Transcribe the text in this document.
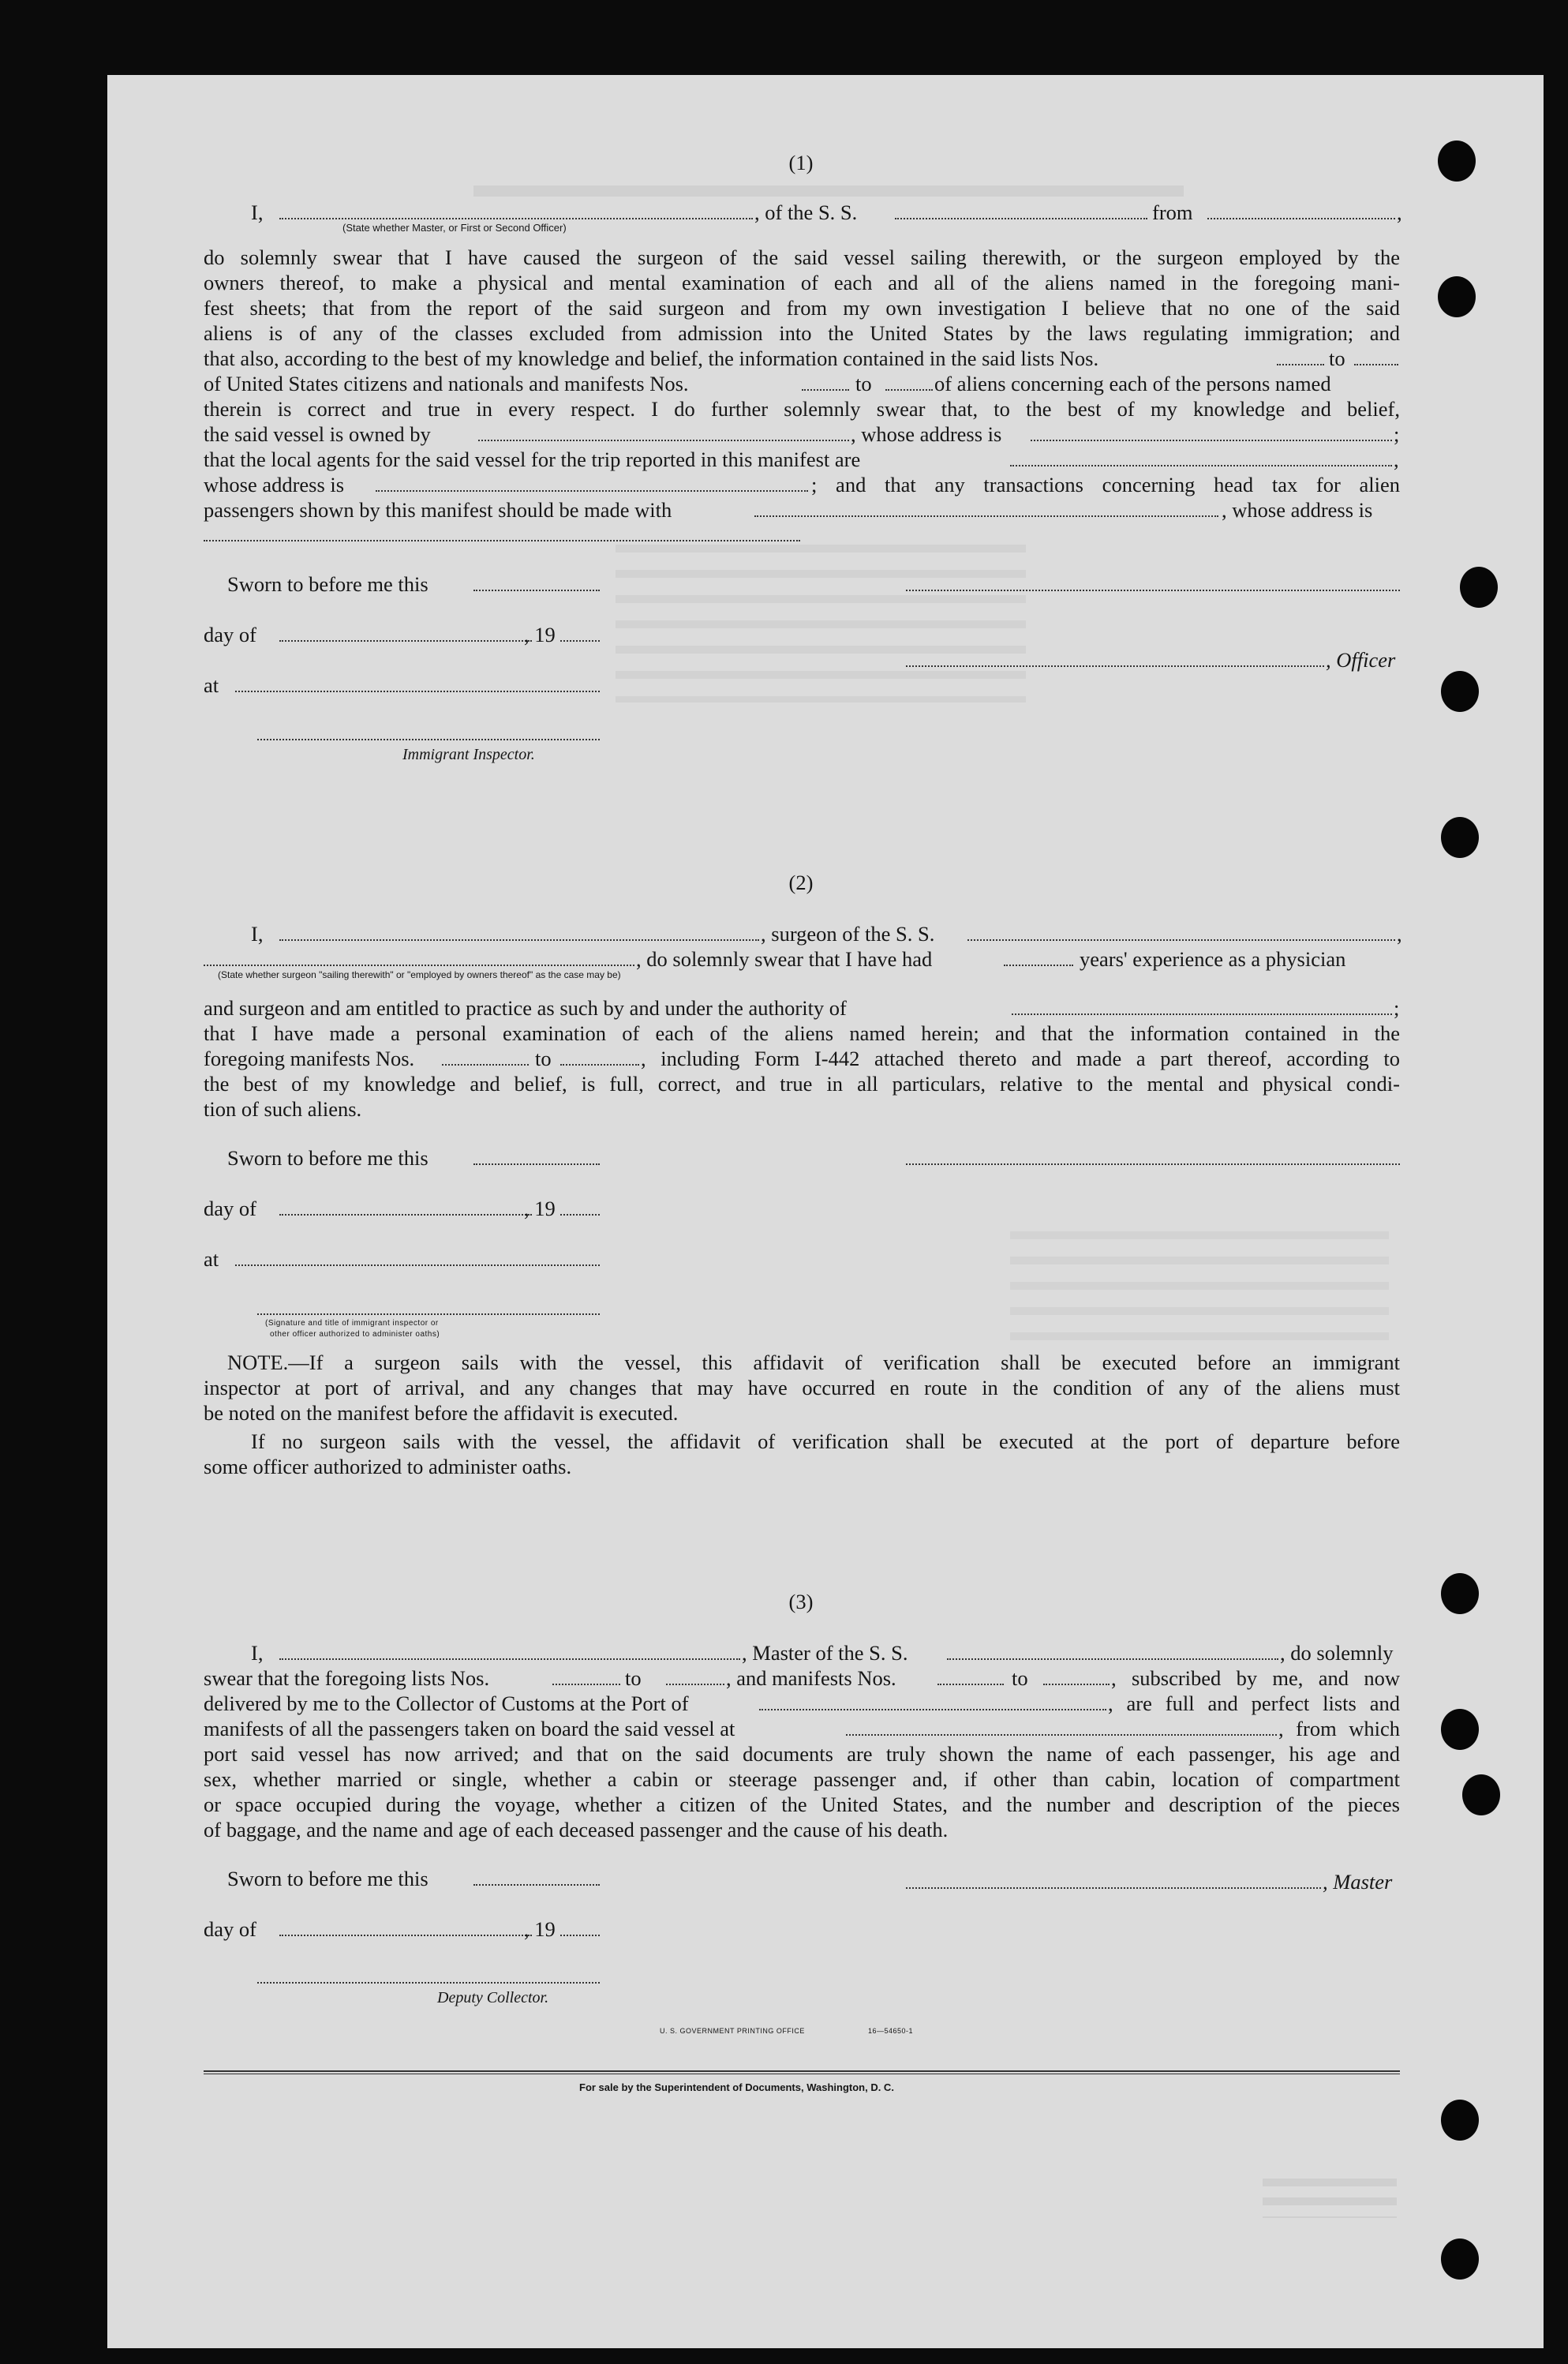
(1)
I,	, of the S. S.	from	,
(State whether Master, or First or Second Officer)
do solemnly swear that I have caused the surgeon of the said vessel sailing therewith, or the surgeon employed by the
owners thereof, to make a physical and mental examination of each and all of the aliens named in the foregoing mani-
fest sheets; that from the report of the said surgeon and from my own investigation I believe that no one of the said
aliens is of any of the classes excluded from admission into the United States by the laws regulating immigration; and
that also, according to the best of my knowledge and belief, the information contained in the said lists Nos.	to
of United States citizens and nationals and manifests Nos.	to	of aliens concerning each of the persons named
therein is correct and true in every respect. I do further solemnly swear that, to the best of my knowledge and belief,
the said vessel is owned by	, whose address is	;
that the local agents for the said vessel for the trip reported in this manifest are	,
whose address is	; and that any transactions concerning head tax for alien
passengers shown by this manifest should be made with	, whose address is
Sworn to before me this
day of	, 19
, Officer
at
Immigrant Inspector.
(2)
I,	, surgeon of the S. S.	,
, do solemnly swear that I have had	years' experience as a physician
(State whether surgeon "sailing therewith" or "employed by owners thereof" as the case may be)
and surgeon and am entitled to practice as such by and under the authority of	;
that I have made a personal examination of each of the aliens named herein; and that the information contained in the
foregoing manifests Nos.	to	, including Form I-442 attached thereto and made a part thereof, according to
the best of my knowledge and belief, is full, correct, and true in all particulars, relative to the mental and physical condi-
tion of such aliens.
Sworn to before me this
day of	, 19
at
(Signature and title of immigrant inspector or
other officer authorized to administer oaths)
NOTE.—If a surgeon sails with the vessel, this affidavit of verification shall be executed before an immigrant
inspector at port of arrival, and any changes that may have occurred en route in the condition of any of the aliens must
be noted on the manifest before the affidavit is executed.
If no surgeon sails with the vessel, the affidavit of verification shall be executed at the port of departure before
some officer authorized to administer oaths.
(3)
I,	, Master of the S. S.	, do solemnly
swear that the foregoing lists Nos.	to	, and manifests Nos.	to	, subscribed by me, and now
delivered by me to the Collector of Customs at the Port of	, are full and perfect lists and
manifests of all the passengers taken on board the said vessel at	, from which
port said vessel has now arrived; and that on the said documents are truly shown the name of each passenger, his age and
sex, whether married or single, whether a cabin or steerage passenger and, if other than cabin, location of compartment
or space occupied during the voyage, whether a citizen of the United States, and the number and description of the pieces
of baggage, and the name and age of each deceased passenger and the cause of his death.
Sworn to before me this	, Master
day of	, 19
Deputy Collector.
U. S. GOVERNMENT PRINTING OFFICE	16—54650-1
For sale by the Superintendent of Documents, Washington, D. C.
